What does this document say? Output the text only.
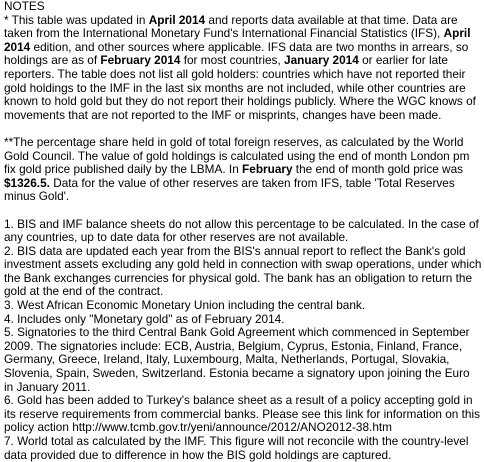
NOTES

* This table was updated in April 2014 and reports data available at that time. Data are taken from the International Monetary Fund's International Financial Statistics (IFS), April 2014 edition, and other sources where applicable. IFS data are two months in arrears, so holdings are as of February 2014 for most countries, January 2014 or earlier for late reporters. The table does not list all gold holders: countries which have not reported their gold holdings to the IMF in the last six months are not included, while other countries are known to hold gold but they do not report their holdings publicly. Where the WGC knows of movements that are not reported to the IMF or misprints, changes have been made.

**The percentage share held in gold of total foreign reserves, as calculated by the World Gold Council. The value of gold holdings is calculated using the end of month London pm fix gold price published daily by the LBMA. In February the end of month gold price was $1326.5. Data for the value of other reserves are taken from IFS, table 'Total Reserves minus Gold'.

1. BIS and IMF balance sheets do not allow this percentage to be calculated. In the case of any countries, up to date data for other reserves are not available.

2. BIS data are updated each year from the BIS's annual report to reflect the Bank's gold investment assets excluding any gold held in connection with swap operations, under which the Bank exchanges currencies for physical gold. The bank has an obligation to return the gold at the end of the contract.

3. West African Economic Monetary Union including the central bank.

4. Includes only "Monetary gold" as of February 2014.

5. Signatories to the third Central Bank Gold Agreement which commenced in September 2009. The signatories include: ECB, Austria, Belgium, Cyprus, Estonia, Finland, France, Germany, Greece, Ireland, Italy, Luxembourg, Malta, Netherlands, Portugal, Slovakia, Slovenia, Spain, Sweden, Switzerland. Estonia became a signatory upon joining the Euro in January 2011.

6. Gold has been added to Turkey's balance sheet as a result of a policy accepting gold in its reserve requirements from commercial banks. Please see this link for information on this policy action http://www.tcmb.gov.tr/yeni/announce/2012/ANO2012-38.htm

7. World total as calculated by the IMF. This figure will not reconcile with the country-level data provided due to difference in how the BIS gold holdings are captured.
